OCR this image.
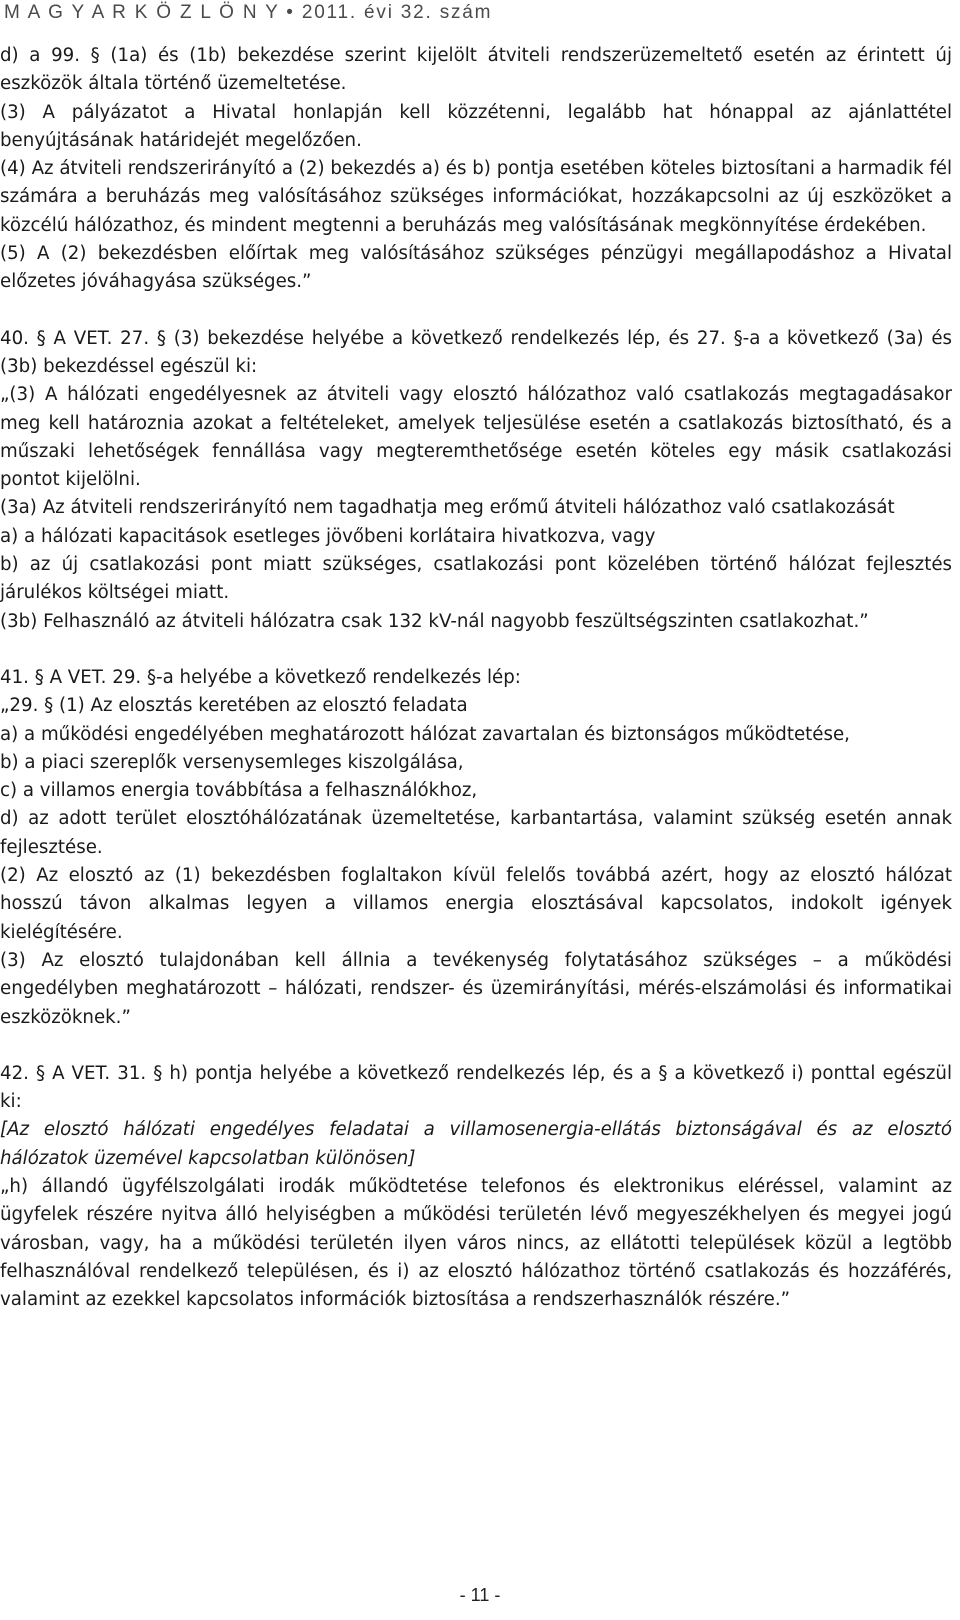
M A G Y A R K Ö Z L Ö N Y • 2011. évi 32. szám

d) a 99. § (1a) és (1b) bekezdése szerint kijelölt átviteli rendszerüzemeltető esetén az érintett új eszközök általa történő üzemeltetése.

(3) A pályázatot a Hivatal honlapján kell közzétenni, legalább hat hónappal az ajánlattétel benyújtásának határidejét megelőzően.

(4) Az átviteli rendszerirányító a (2) bekezdés a) és b) pontja esetében köteles biztosítani a harmadik fél számára a beruházás meg valósításához szükséges információkat, hozzákapcsolni az új eszközöket a közcélú hálózathoz, és mindent megtenni a beruházás meg valósításának megkönnyítése érdekében.

(5) A (2) bekezdésben előírtak meg valósításához szükséges pénzügyi megállapodáshoz a Hivatal előzetes jóváhagyása szükséges.”

40. § A VET. 27. § (3) bekezdése helyébe a következő rendelkezés lép, és 27. §-a a következő (3a) és (3b) bekezdéssel egészül ki:

„(3) A hálózati engedélyesnek az átviteli vagy elosztó hálózathoz való csatlakozás megtagadásakor meg kell határoznia azokat a feltételeket, amelyek teljesülése esetén a csatlakozás biztosítható, és a műszaki lehetőségek fennállása vagy megteremthetősége esetén köteles egy másik csatlakozási pontot kijelölni.

(3a) Az átviteli rendszerirányító nem tagadhatja meg erőmű átviteli hálózathoz való csatlakozását

a) a hálózati kapacitások esetleges jövőbeni korlátaira hivatkozva, vagy

b) az új csatlakozási pont miatt szükséges, csatlakozási pont közelében történő hálózat fejlesztés járulékos költségei miatt.

(3b) Felhasználó az átviteli hálózatra csak 132 kV-nál nagyobb feszültségszinten csatlakozhat.”

41. § A VET. 29. §-a helyébe a következő rendelkezés lép:

„29. § (1) Az elosztás keretében az elosztó feladata

a) a működési engedélyében meghatározott hálózat zavartalan és biztonságos működtetése,

b) a piaci szereplők versenysemleges kiszolgálása,

c) a villamos energia továbbítása a felhasználókhoz,

d) az adott terület elosztóhálózatának üzemeltetése, karbantartása, valamint szükség esetén annak fejlesztése.

(2) Az elosztó az (1) bekezdésben foglaltakon kívül felelős továbbá azért, hogy az elosztó hálózat hosszú távon alkalmas legyen a villamos energia elosztásával kapcsolatos, indokolt igények kielégítésére.

(3) Az elosztó tulajdonában kell állnia a tevékenység folytatásához szükséges – a működési engedélyben meghatározott – hálózati, rendszer- és üzemirányítási, mérés-elszámolási és informatikai eszközöknek.”

42. § A VET. 31. § h) pontja helyébe a következő rendelkezés lép, és a § a következő i) ponttal egészül ki:

[Az elosztó hálózati engedélyes feladatai a villamosenergia-ellátás biztonságával és az elosztó hálózatok üzemével kapcsolatban különösen]

„h) állandó ügyfélszolgálati irodák működtetése telefonos és elektronikus eléréssel, valamint az ügyfelek részére nyitva álló helyiségben a működési területén lévő megyeszékhelyen és megyei jogú városban, vagy, ha a működési területén ilyen város nincs, az ellátotti települések közül a legtöbb felhasználóval rendelkező településen, és i) az elosztó hálózathoz történő csatlakozás és hozzáférés, valamint az ezekkel kapcsolatos információk biztosítása a rendszerhasználók részére.”

- 11 -
